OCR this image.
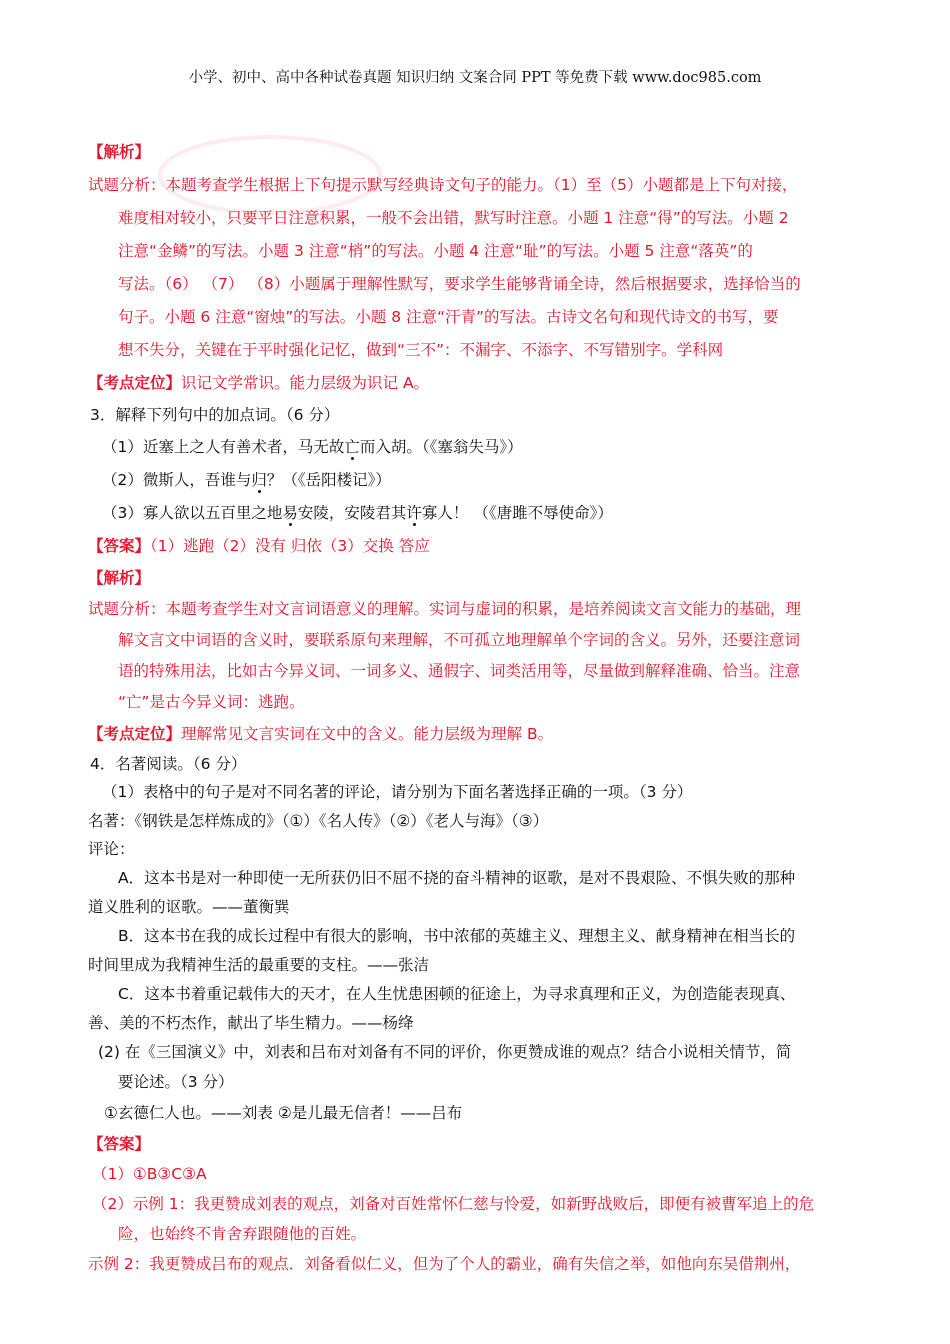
小学、初中、高中各种试卷真题 知识归纳 文案合同 PPT 等免费下载 www.doc985.com
【解析】
试题分析：本题考查学生根据上下句提示默写经典诗文句子的能力。（1）至（5）小题都是上下句对接，
难度相对较小，只要平日注意积累，一般不会出错，默写时注意。小题 1 注意“得”的写法。小题 2
注意“金鳞”的写法。小题 3 注意“梢”的写法。小题 4 注意“耻”的写法。小题 5 注意“落英”的
写法。（6） （7） （8）小题属于理解性默写，要求学生能够背诵全诗，然后根据要求，选择恰当的
句子。小题 6 注意“窗烛”的写法。小题 8 注意“汗青”的写法。古诗文名句和现代诗文的书写，要
想不失分，关键在于平时强化记忆，做到“三不”：不漏字、不添字、不写错别字。学科网
【考点定位】识记文学常识。能力层级为识记 A。
3．解释下列句中的加点词。（6 分）
（1）近塞上之人有善术者，马无故亡而入胡。（《塞翁失马》）
（2）微斯人，吾谁与归？（《岳阳楼记》）
（3）寡人欲以五百里之地易安陵，安陵君其许寡人！ （《唐雎不辱使命》）
【答案】（1）逃跑（2）没有 归依（3）交换 答应
【解析】
试题分析：本题考查学生对文言词语意义的理解。实词与虚词的积累，是培养阅读文言文能力的基础，理
解文言文中词语的含义时，要联系原句来理解，不可孤立地理解单个字词的含义。另外，还要注意词
语的特殊用法，比如古今异义词、一词多义、通假字、词类活用等，尽量做到解释准确、恰当。注意
“亡”是古今异义词：逃跑。
【考点定位】理解常见文言实词在文中的含义。能力层级为理解 B。
4．名著阅读。（6 分）
（1）表格中的句子是对不同名著的评论，请分别为下面名著选择正确的一项。（3 分）
名著：《钢铁是怎样炼成的》（①）《名人传》（②）《老人与海》（③）
评论：
A．这本书是对一种即使一无所获仍旧不屈不挠的奋斗精神的讴歌，是对不畏艰险、不惧失败的那种
道义胜利的讴歌。——董衡巽
B．这本书在我的成长过程中有很大的影响，书中浓郁的英雄主义、理想主义、献身精神在相当长的
时间里成为我精神生活的最重要的支柱。——张洁
C．这本书着重记载伟大的天才，在人生忧患困顿的征途上，为寻求真理和正义，为创造能表现真、
善、美的不朽杰作，献出了毕生精力。——杨绛
(2) 在《三国演义》中，刘表和吕布对刘备有不同的评价，你更赞成谁的观点？结合小说相关情节，简
要论述。（3 分）
①玄德仁人也。——刘表 ②是儿最无信者！——吕布
【答案】
（1）①B③C③A
（2）示例 1：我更赞成刘表的观点，刘备对百姓常怀仁慈与怜爱，如新野战败后，即便有被曹军追上的危
险，也始终不肯舍弃跟随他的百姓。
示例 2：我更赞成吕布的观点．刘备看似仁义，但为了个人的霸业，确有失信之举，如他向东吴借荆州，
